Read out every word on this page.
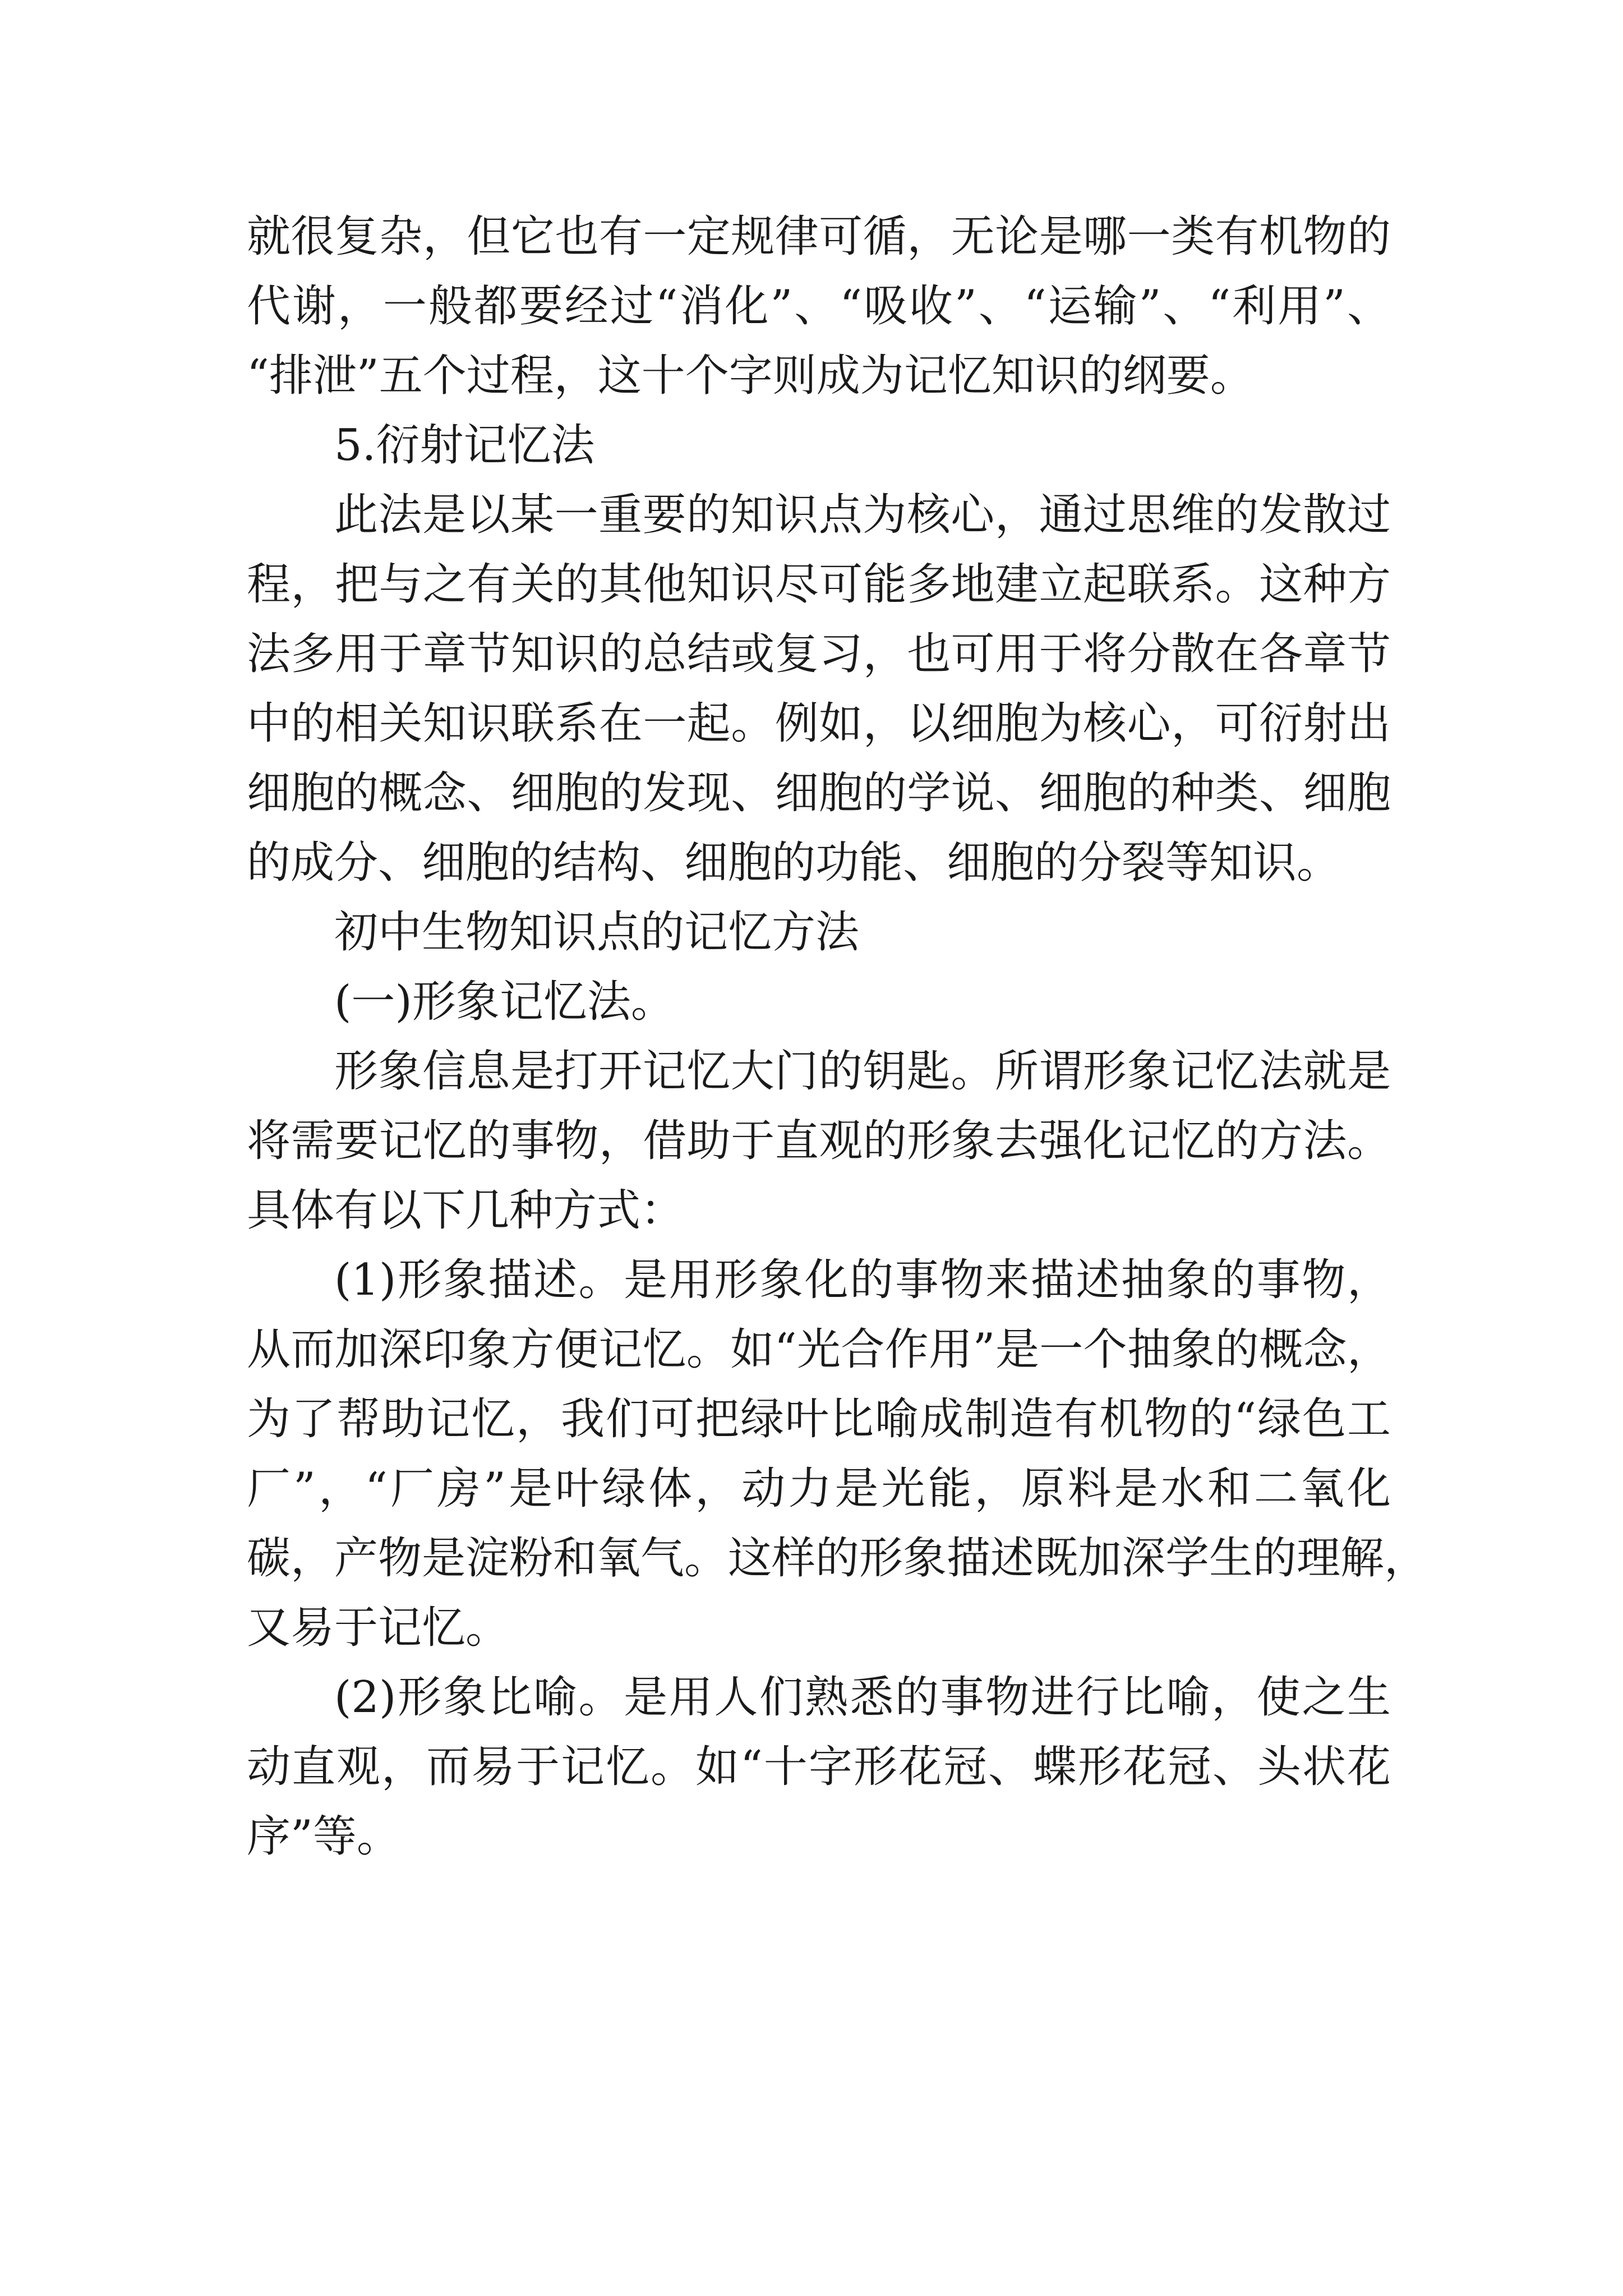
就很复杂，但它也有一定规律可循，无论是哪一类有机物的
代谢，一般都要经过“消化”、“吸收”、“运输”、“利用”、
“排泄”五个过程，这十个字则成为记忆知识的纲要。
5.衍射记忆法
此法是以某一重要的知识点为核心，通过思维的发散过
程，把与之有关的其他知识尽可能多地建立起联系。这种方
法多用于章节知识的总结或复习，也可用于将分散在各章节
中的相关知识联系在一起。例如，以细胞为核心，可衍射出
细胞的概念、细胞的发现、细胞的学说、细胞的种类、细胞
的成分、细胞的结构、细胞的功能、细胞的分裂等知识。
初中生物知识点的记忆方法
(一)形象记忆法。
形象信息是打开记忆大门的钥匙。所谓形象记忆法就是
将需要记忆的事物，借助于直观的形象去强化记忆的方法。
具体有以下几种方式：
(1)形象描述。是用形象化的事物来描述抽象的事物，
从而加深印象方便记忆。如“光合作用”是一个抽象的概念，
为了帮助记忆，我们可把绿叶比喻成制造有机物的“绿色工
厂”，“厂房”是叶绿体，动力是光能，原料是水和二氧化
碳，产物是淀粉和氧气。这样的形象描述既加深学生的理解，
又易于记忆。
(2)形象比喻。是用人们熟悉的事物进行比喻，使之生
动直观，而易于记忆。如“十字形花冠、蝶形花冠、头状花
序”等。
